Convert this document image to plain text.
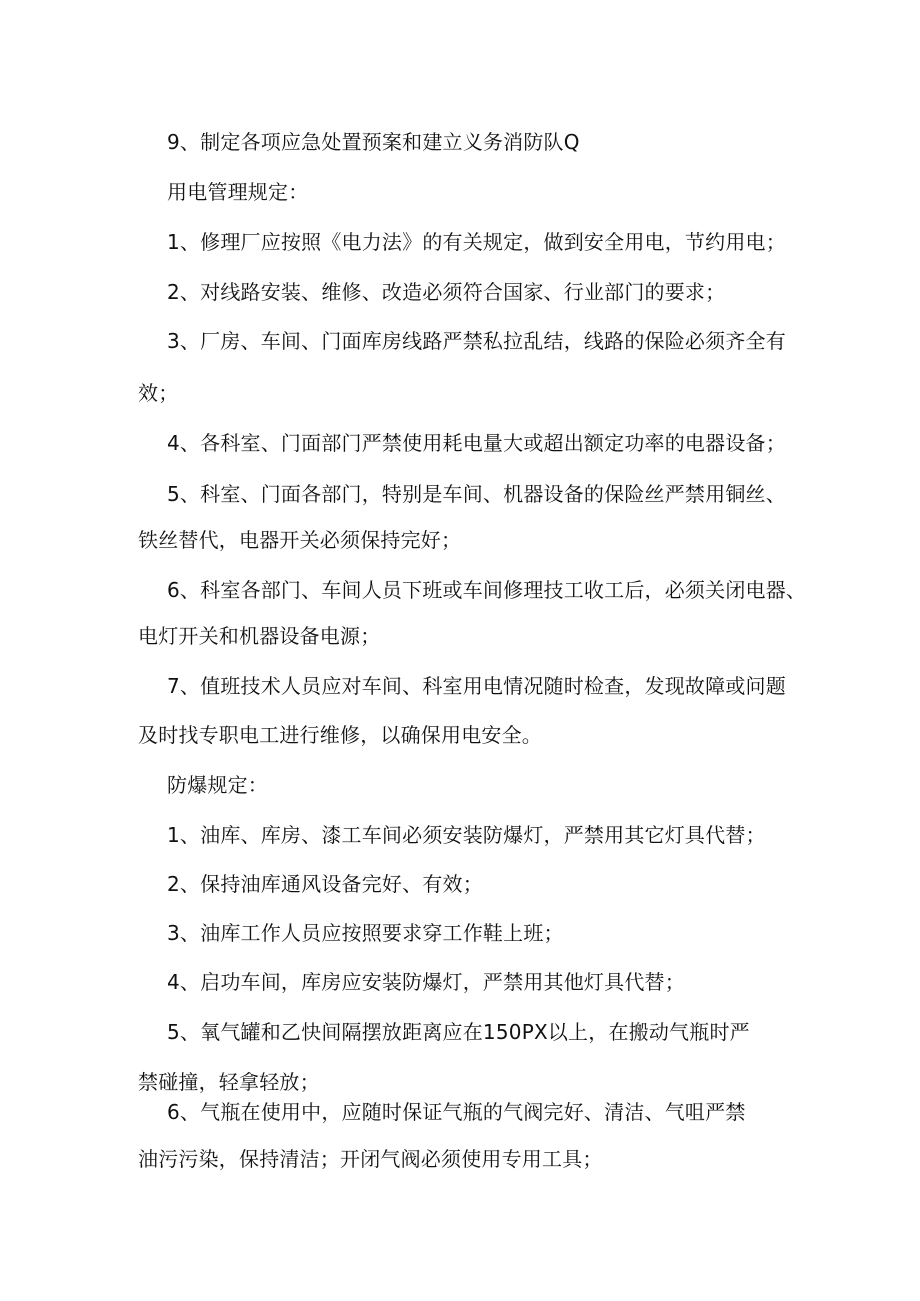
9、制定各项应急处置预案和建立义务消防队Q
用电管理规定：
1、修理厂应按照《电力法》的有关规定，做到安全用电，节约用电；
2、对线路安装、维修、改造必须符合国家、行业部门的要求；
3、厂房、车间、门面库房线路严禁私拉乱结，线路的保险必须齐全有
效；
4、各科室、门面部门严禁使用耗电量大或超出额定功率的电器设备；
5、科室、门面各部门，特别是车间、机器设备的保险丝严禁用铜丝、
铁丝替代，电器开关必须保持完好；
6、科室各部门、车间人员下班或车间修理技工收工后，必须关闭电器、
电灯开关和机器设备电源；
7、值班技术人员应对车间、科室用电情况随时检查，发现故障或问题
及时找专职电工进行维修，以确保用电安全。
防爆规定：
1、油库、库房、漆工车间必须安装防爆灯，严禁用其它灯具代替；
2、保持油库通风设备完好、有效；
3、油库工作人员应按照要求穿工作鞋上班；
4、启功车间，库房应安装防爆灯，严禁用其他灯具代替；
5、氧气罐和乙快间隔摆放距离应在150PX以上，在搬动气瓶时严
禁碰撞，轻拿轻放；
6、气瓶在使用中，应随时保证气瓶的气阀完好、清洁、气咀严禁
油污污染，保持清洁；开闭气阀必须使用专用工具；
